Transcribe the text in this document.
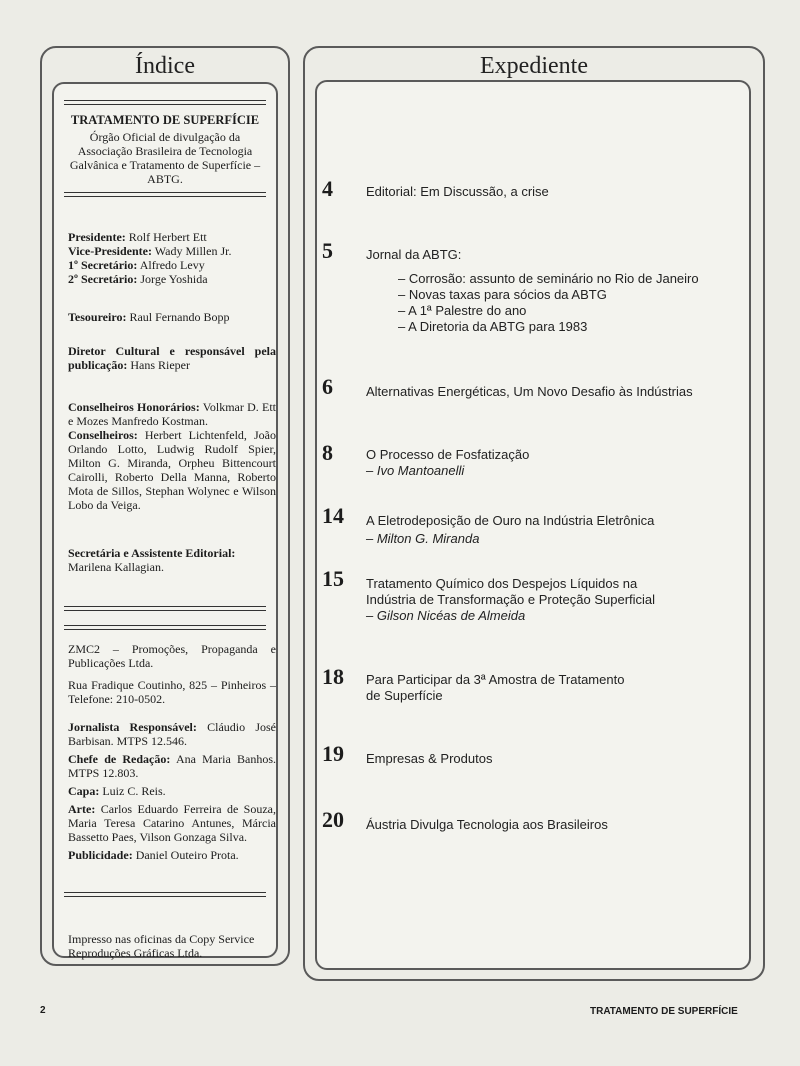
Índice
TRATAMENTO DE SUPERFÍCIE
Órgão Oficial de divulgação da Associação Brasileira de Tecnologia Galvânica e Tratamento de Superfície – ABTG.

Presidente: Rolf Herbert Ett

Vice-Presidente: Wady Millen Jr.

1º Secretário: Alfredo Levy

2º Secretário: Jorge Yoshida

Tesoureiro: Raul Fernando Bopp

Diretor Cultural e responsável pela publicação: Hans Rieper

Conselheiros Honorários: Volkmar D. Ett e Mozes Manfredo Kostman.

Conselheiros: Herbert Lichtenfeld, João Orlando Lotto, Ludwig Rudolf Spier, Milton G. Miranda, Orpheu Bittencourt Cairolli, Roberto Della Manna, Roberto Mota de Sillos, Stephan Wolynec e Wilson Lobo da Veiga.

Secretária e Assistente Editorial:

Marilena Kallagian.

ZMC2 – Promoções, Propaganda e Publicações Ltda.
Rua Fradique Coutinho, 825 – Pinheiros – Telefone: 210-0502.

Jornalista Responsável: Cláudio José Barbisan. MTPS 12.546.

Chefe de Redação: Ana Maria Banhos. MTPS 12.803.

Capa: Luiz C. Reis.

Arte: Carlos Eduardo Ferreira de Souza, Maria Teresa Catarino Antunes, Márcia Bassetto Paes, Vilson Gonzaga Silva.

Publicidade: Daniel Outeiro Prota.

Impresso nas oficinas da Copy Service Reproduções Gráficas Ltda.
Expediente
4	Editorial: Em Discussão, a crise
5	Jornal da ABTG:
– Corrosão: assunto de seminário no Rio de Janeiro
– Novas taxas para sócios da ABTG
– A 1ª Palestre do ano
– A Diretoria da ABTG para 1983
6	Alternativas Energéticas, Um Novo Desafio às Indústrias
8	O Processo de Fosfatização
– Ivo Mantoanelli
14 A Eletrodeposição de Ouro na Indústria Eletrônica
– Milton G. Miranda
15 Tratamento Químico dos Despejos Líquidos na
Indústria de Transformação e Proteção Superficial
– Gilson Nicéas de Almeida
18 Para Participar da 3ª Amostra de Tratamento
de Superfície
19 Empresas & Produtos
20 Áustria Divulga Tecnologia aos Brasileiros
2	TRATAMENTO DE SUPERFÍCIE
